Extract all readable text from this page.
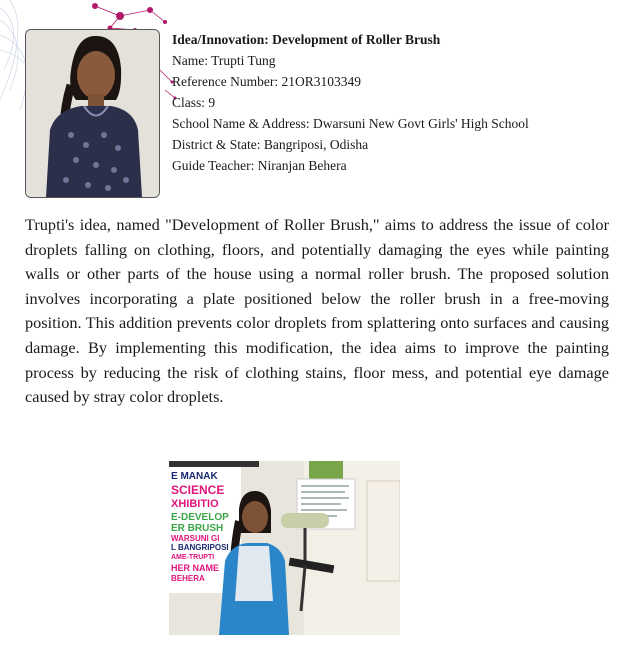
Idea/Innovation: Development of Roller Brush
Name: Trupti Tung
Reference Number: 21OR3103349
Class: 9
School Name & Address: Dwarsuni New Govt Girls' High School
District & State: Bangriposi, Odisha
Guide Teacher: Niranjan Behera

Trupti's idea, named "Development of Roller Brush," aims to address the issue of color droplets falling on clothing, floors, and potentially damaging the eyes while painting walls or other parts of the house using a normal roller brush. The proposed solution involves incorporating a plate positioned below the roller brush in a free-moving position. This addition prevents color droplets from splattering onto surfaces and causing damage. By implementing this modification, the idea aims to improve the painting process by reducing the risk of clothing stains, floor mess, and potential eye damage caused by stray color droplets.

E MANAK
SCIENCE
XHIBITIO
E-DEVELOP
ER BRUSH
WARSUNI GI
L BANGRIPOSI
AME-TRUPTI
HER NAME
BEHERA
